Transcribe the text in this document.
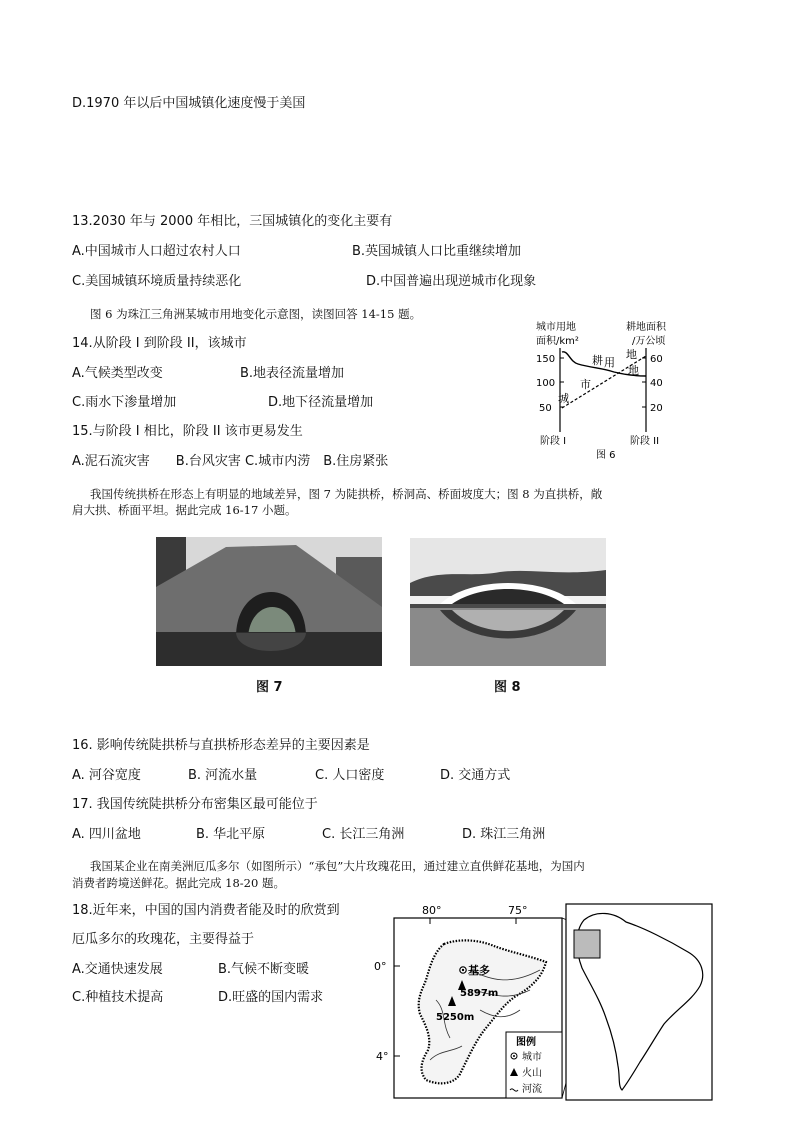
D.1970 年以后中国城镇化速度慢于美国
13.2030 年与 2000 年相比，三国城镇化的变化主要有
A.中国城市人口超过农村人口	B.英国城镇人口比重继续增加
C.美国城镇环境质量持续恶化	D.中国普遍出现逆城市化现象
图 6 为珠江三角洲某城市用地变化示意图，读图回答 14-15 题。
14.从阶段 I 到阶段 II，该城市
A.气候类型改变	B.地表径流量增加
C.雨水下渗量增加	D.地下径流量增加
15.与阶段 I 相比，阶段 II 该市更易发生
A.泥石流灾害　　B.台风灾害 C.城市内涝　B.住房紧张
城市用地
面积/km²
耕地面积
/万公顷
150
100
50
60
40
20
耕 用
地
地
市
城
阶段 I	阶段 II
图 6
我国传统拱桥在形态上有明显的地域差异，图 7 为陡拱桥，桥洞高、桥面坡度大；图 8 为直拱桥，敞
肩大拱、桥面平坦。据此完成 16-17 小题。
图 7	图 8
16. 影响传统陡拱桥与直拱桥形态差异的主要因素是
A. 河谷宽度	B. 河流水量	C. 人口密度	D. 交通方式
17. 我国传统陡拱桥分布密集区最可能位于
A. 四川盆地	B. 华北平原	C. 长江三角洲	D. 珠江三角洲
我国某企业在南美洲厄瓜多尔（如图所示）“承包”大片玫瑰花田，通过建立直供鲜花基地，为国内
消费者跨境送鲜花。据此完成 18-20 题。
18.近年来，中国的国内消费者能及时的欣赏到
厄瓜多尔的玫瑰花，主要得益于
A.交通快速发展	B.气候不断变暖
C.种植技术提高	D.旺盛的国内需求
80°	75°
0°
4°
基多
5897m
5250m
图例
城市
火山
河流
